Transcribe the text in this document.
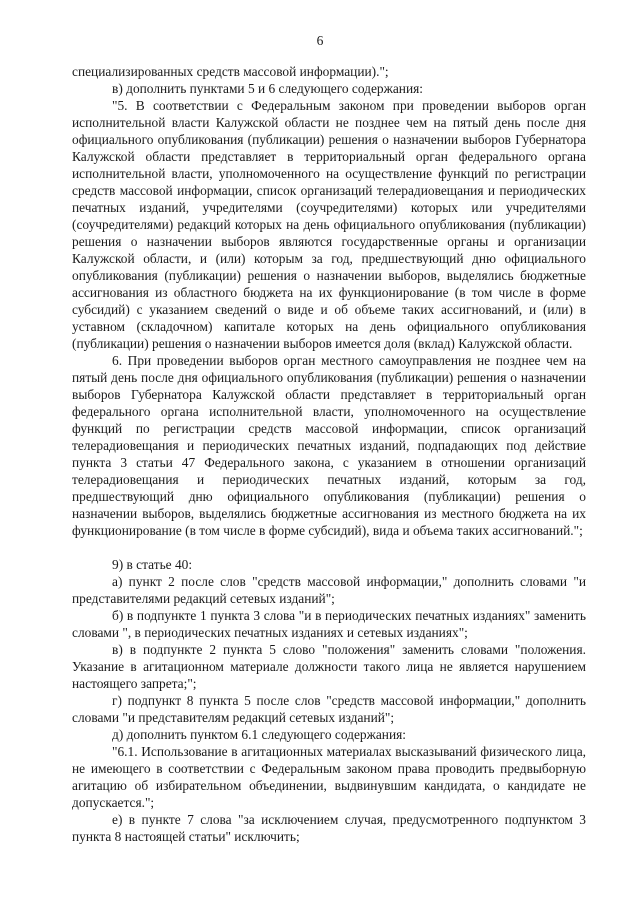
6

специализированных средств массовой информации).";

в) дополнить пунктами 5 и 6 следующего содержания:

"5. В соответствии с Федеральным законом при проведении выборов орган исполнительной власти Калужской области не позднее чем на пятый день после дня официального опубликования (публикации) решения о назначении выборов Губернатора Калужской области представляет в территориальный орган федерального органа исполнительной власти, уполномоченного на осуществление функций по регистрации средств массовой информации, список организаций телерадиовещания и периодических печатных изданий, учредителями (соучредителями) которых или учредителями (соучредителями) редакций которых на день официального опубликования (публикации) решения о назначении выборов являются государственные органы и организации Калужской области, и (или) которым за год, предшествующий дню официального опубликования (публикации) решения о назначении выборов, выделялись бюджетные ассигнования из областного бюджета на их функционирование (в том числе в форме субсидий) с указанием сведений о виде и об объеме таких ассигнований, и (или) в уставном (складочном) капитале которых на день официального опубликования (публикации) решения о назначении выборов имеется доля (вклад) Калужской области.

6. При проведении выборов орган местного самоуправления не позднее чем на пятый день после дня официального опубликования (публикации) решения о назначении выборов Губернатора Калужской области представляет в территориальный орган федерального органа исполнительной власти, уполномоченного на осуществление функций по регистрации средств массовой информации, список организаций телерадиовещания и периодических печатных изданий, подпадающих под действие пункта 3 статьи 47 Федерального закона, с указанием в отношении организаций телерадиовещания и периодических печатных изданий, которым за год, предшествующий дню официального опубликования (публикации) решения о назначении выборов, выделялись бюджетные ассигнования из местного бюджета на их функционирование (в том числе в форме субсидий), вида и объема таких ассигнований.";

9) в статье 40:

а) пункт 2 после слов "средств массовой информации," дополнить словами "и представителями редакций сетевых изданий";

б) в подпункте 1 пункта 3 слова "и в периодических печатных изданиях" заменить словами ", в периодических печатных изданиях и сетевых изданиях";

в) в подпункте 2 пункта 5 слово "положения" заменить словами "положения. Указание в агитационном материале должности такого лица не является нарушением настоящего запрета;";

г) подпункт 8 пункта 5 после слов "средств массовой информации," дополнить словами "и представителям редакций сетевых изданий";

д) дополнить пунктом 6.1 следующего содержания:

"6.1. Использование в агитационных материалах высказываний физического лица, не имеющего в соответствии с Федеральным законом права проводить предвыборную агитацию об избирательном объединении, выдвинувшим кандидата, о кандидате не допускается.";

е) в пункте 7 слова "за исключением случая, предусмотренного подпунктом 3 пункта 8 настоящей статьи" исключить;
